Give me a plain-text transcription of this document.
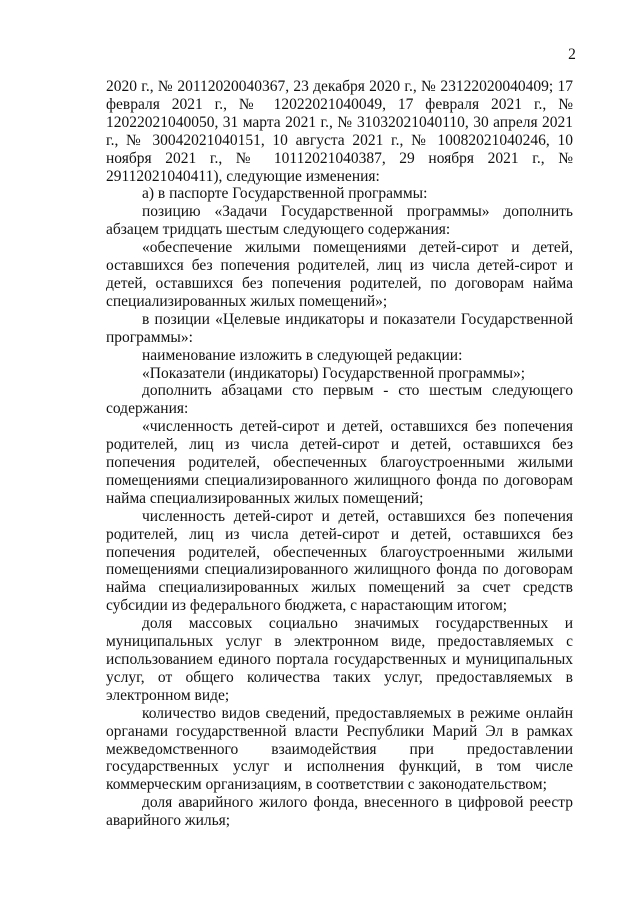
2

2020 г., № 20112020040367, 23 декабря 2020 г., № 23122020040409; 17 февраля 2021 г., № 12022021040049, 17 февраля 2021 г., № 12022021040050, 31 марта 2021 г., № 31032021040110, 30 апреля 2021 г., № 30042021040151, 10 августа 2021 г., № 10082021040246, 10 ноября 2021 г., № 10112021040387, 29 ноября 2021 г., № 29112021040411), следующие изменения:

а) в паспорте Государственной программы:

позицию «Задачи Государственной программы» дополнить абзацем тридцать шестым следующего содержания:

«обеспечение жилыми помещениями детей-сирот и детей, оставшихся без попечения родителей, лиц из числа детей-сирот и детей, оставшихся без попечения родителей, по договорам найма специализированных жилых помещений»;

в позиции «Целевые индикаторы и показатели Государственной программы»:

наименование изложить в следующей редакции:

«Показатели (индикаторы) Государственной программы»;

дополнить абзацами сто первым - сто шестым следующего содержания:

«численность детей-сирот и детей, оставшихся без попечения родителей, лиц из числа детей-сирот и детей, оставшихся без попечения родителей, обеспеченных благоустроенными жилыми помещениями специализированного жилищного фонда по договорам найма специализированных жилых помещений;

численность детей-сирот и детей, оставшихся без попечения родителей, лиц из числа детей-сирот и детей, оставшихся без попечения родителей, обеспеченных благоустроенными жилыми помещениями специализированного жилищного фонда по договорам найма специализированных жилых помещений за счет средств субсидии из федерального бюджета, с нарастающим итогом;

доля массовых социально значимых государственных и муниципальных услуг в электронном виде, предоставляемых с использованием единого портала государственных и муниципальных услуг, от общего количества таких услуг, предоставляемых в электронном виде;

количество видов сведений, предоставляемых в режиме онлайн органами государственной власти Республики Марий Эл в рамках межведомственного взаимодействия при предоставлении государственных услуг и исполнения функций, в том числе коммерческим организациям, в соответствии с законодательством;

доля аварийного жилого фонда, внесенного в цифровой реестр аварийного жилья;
